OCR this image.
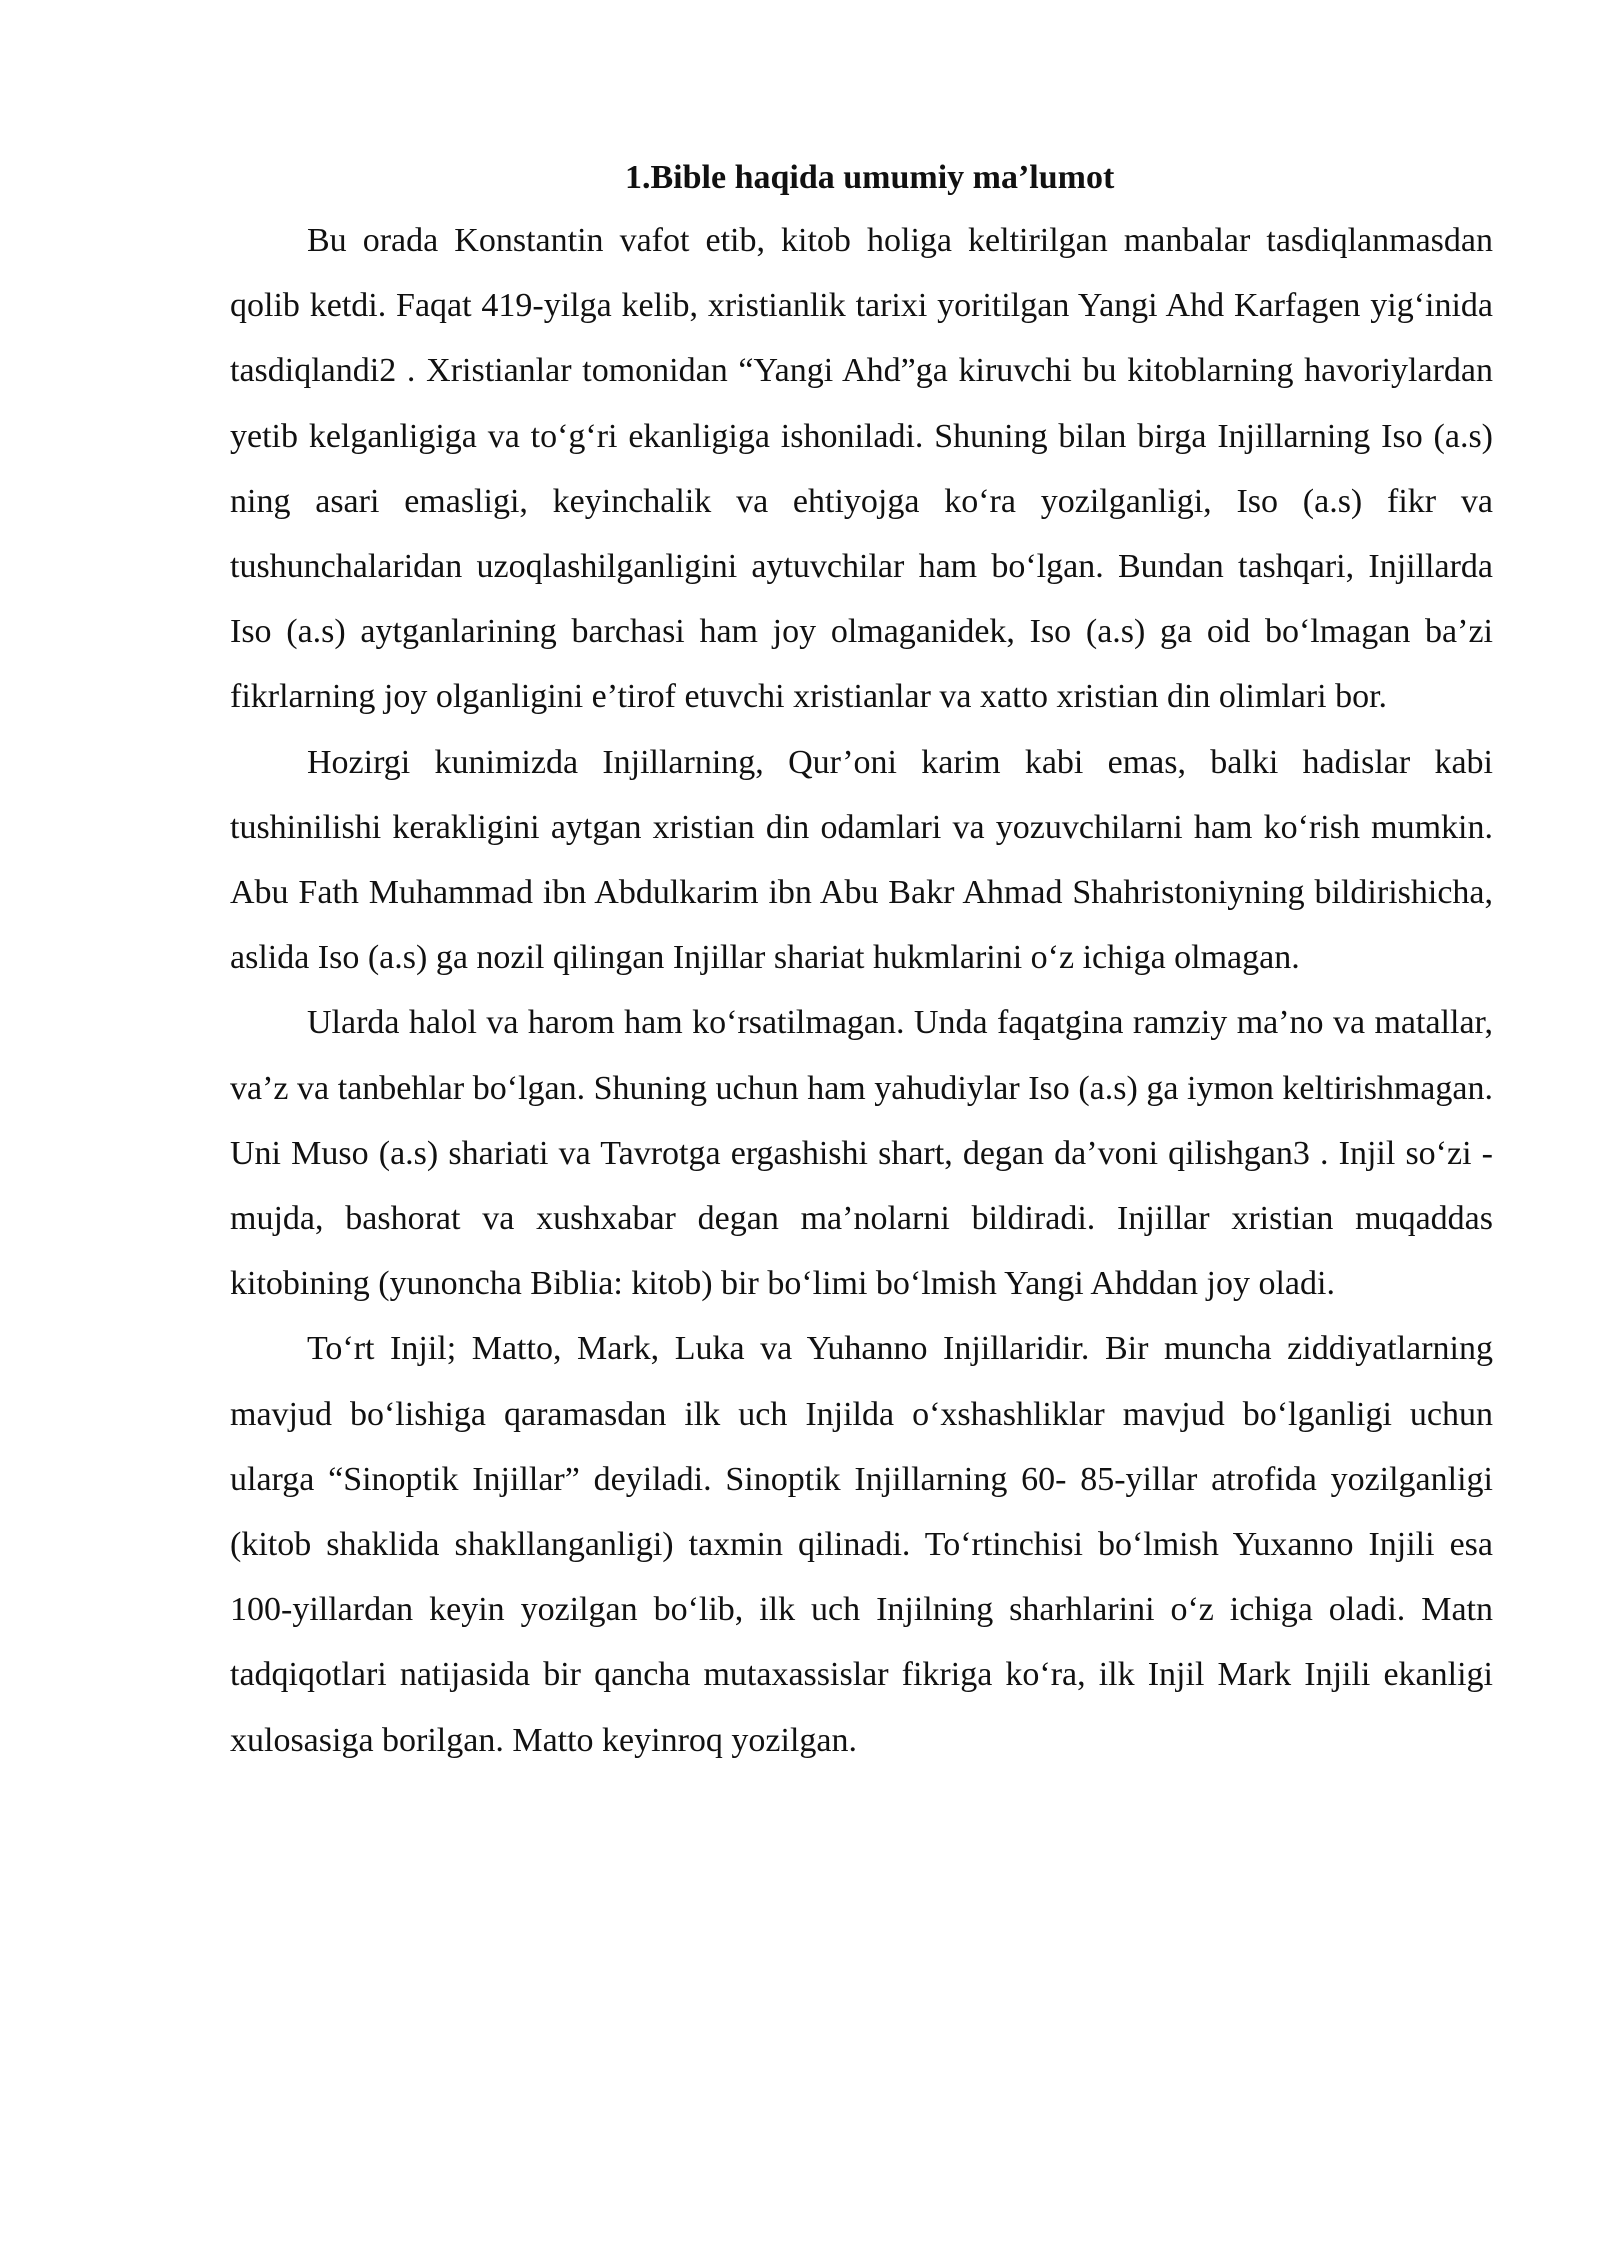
1.Bible haqida umumiy ma’lumot

Bu orada Konstantin vafot etib, kitob holiga keltirilgan manbalar tasdiqlanmasdan qolib ketdi. Faqat 419-yilga kelib, xristianlik tarixi yoritilgan Yangi Ahd Karfagen yig‘inida tasdiqlandi2 . Xristianlar tomonidan “Yangi Ahd”ga kiruvchi bu kitoblarning havoriylardan yetib kelganligiga va to‘g‘ri ekanligiga ishoniladi. Shuning bilan birga Injillarning Iso (a.s) ning asari emasligi, keyinchalik va ehtiyojga ko‘ra yozilganligi, Iso (a.s) fikr va tushunchalaridan uzoqlashilganligini aytuvchilar ham bo‘lgan. Bundan tashqari, Injillarda Iso (a.s) aytganlarining barchasi ham joy olmaganidek, Iso (a.s) ga oid bo‘lmagan ba’zi fikrlarning joy olganligini e’tirof etuvchi xristianlar va xatto xristian din olimlari bor.

Hozirgi kunimizda Injillarning, Qur’oni karim kabi emas, balki hadislar kabi tushinilishi kerakligini aytgan xristian din odamlari va yozuvchilarni ham ko‘rish mumkin. Abu Fath Muhammad ibn Abdulkarim ibn Abu Bakr Ahmad Shahristoniyning bildirishicha, aslida Iso (a.s) ga nozil qilingan Injillar shariat hukmlarini o‘z ichiga olmagan.

Ularda halol va harom ham ko‘rsatilmagan. Unda faqatgina ramziy ma’no va matallar, va’z va tanbehlar bo‘lgan. Shuning uchun ham yahudiylar Iso (a.s) ga iymon keltirishmagan. Uni Muso (a.s) shariati va Tavrotga ergashishi shart, degan da’voni qilishgan3 . Injil so‘zi - mujda, bashorat va xushxabar degan ma’nolarni bildiradi. Injillar xristian muqaddas kitobining (yunoncha Biblia: kitob) bir bo‘limi bo‘lmish Yangi Ahddan joy oladi.

To‘rt Injil; Matto, Mark, Luka va Yuhanno Injillaridir. Bir muncha ziddiyatlarning mavjud bo‘lishiga qaramasdan ilk uch Injilda o‘xshashliklar mavjud bo‘lganligi uchun ularga “Sinoptik Injillar” deyiladi. Sinoptik Injillarning 60- 85-yillar atrofida yozilganligi (kitob shaklida shakllanganligi) taxmin qilinadi. To‘rtinchisi bo‘lmish Yuxanno Injili esa 100-yillardan keyin yozilgan bo‘lib, ilk uch Injilning sharhlarini o‘z ichiga oladi. Matn tadqiqotlari natijasida bir qancha mutaxassislar fikriga ko‘ra, ilk Injil Mark Injili ekanligi xulosasiga borilgan. Matto keyinroq yozilgan.
